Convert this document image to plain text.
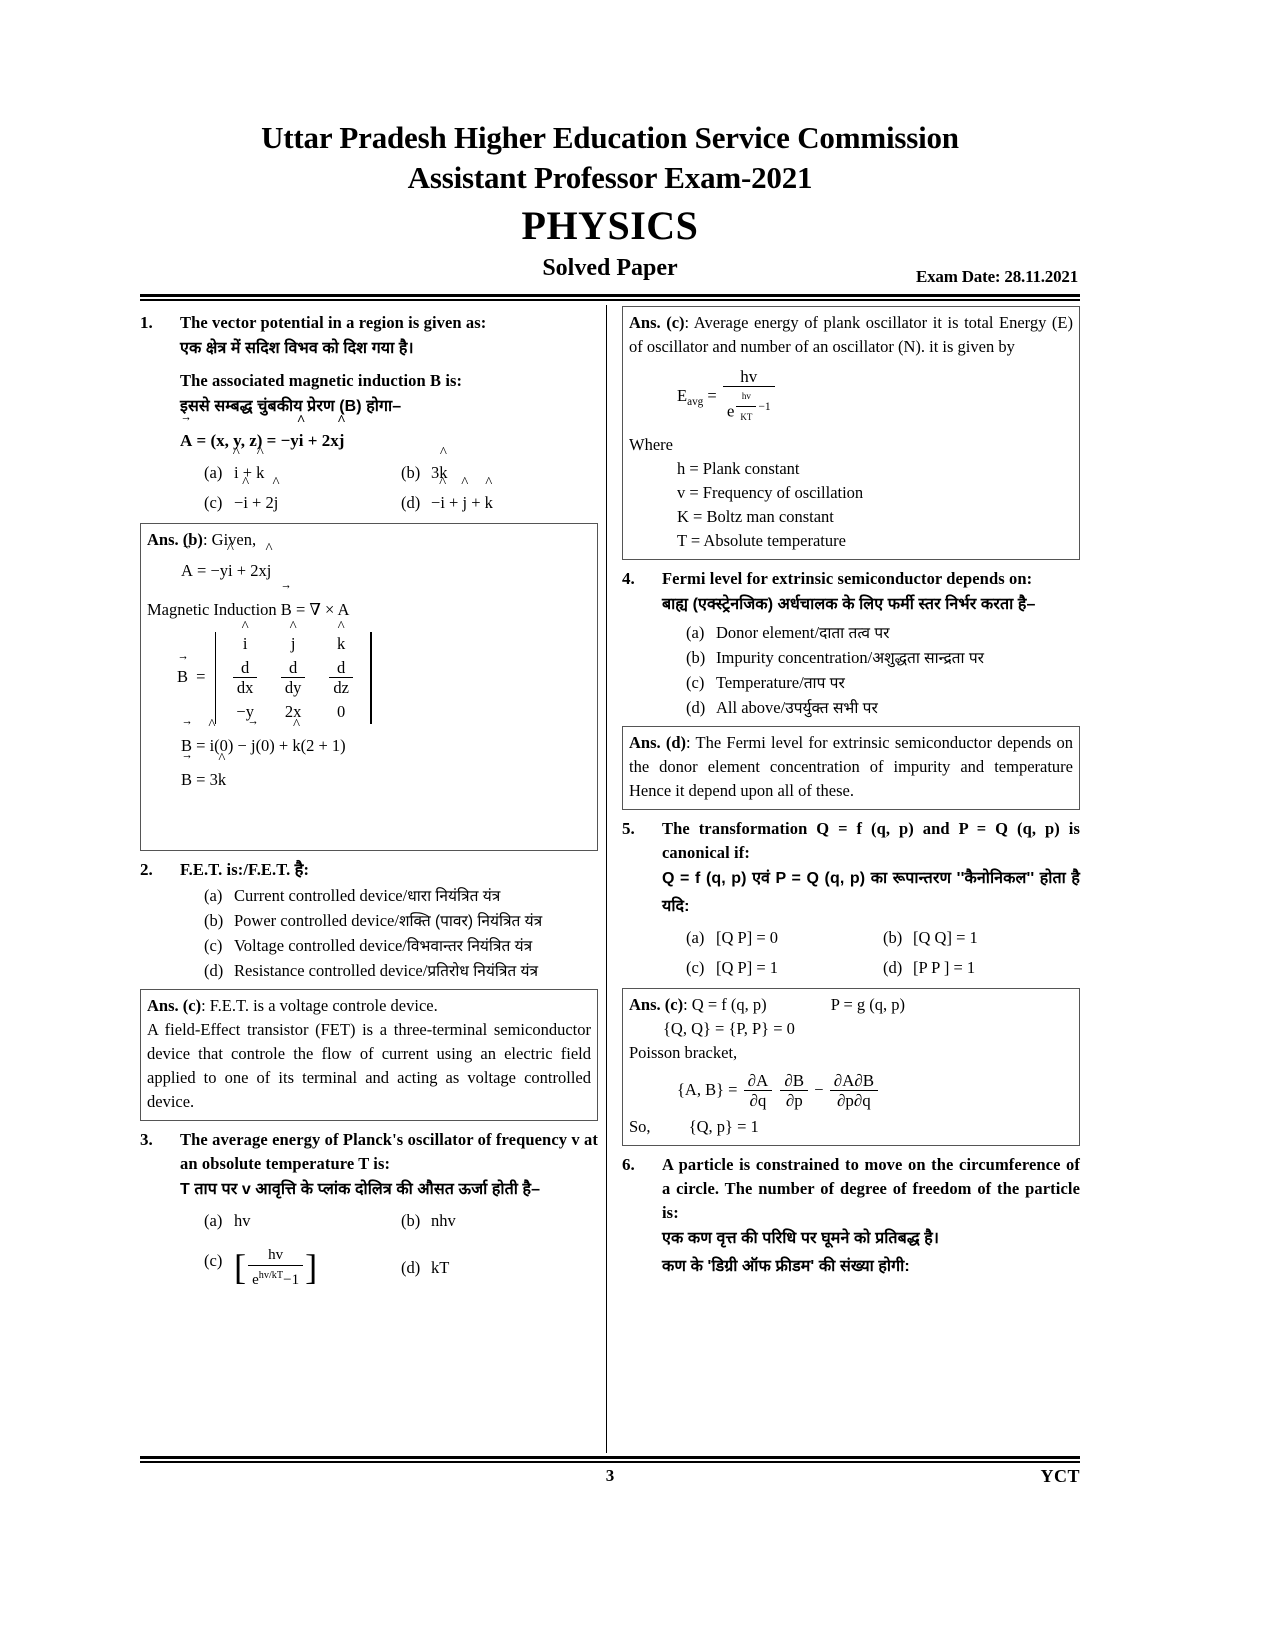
Uttar Pradesh Higher Education Service Commission
Assistant Professor Exam-2021
PHYSICS
Solved Paper	Exam Date: 28.11.2021
1.	The vector potential in a region is given as:
एक क्षेत्र में सदिश विभव को दिश गया है।
The associated magnetic induction B is:
इससे सम्बद्ध चुंबकीय प्रेरण (B) होगा–
→ A = (x, y, z) = −y^ i + 2x^ j
(a) ^ i + ^ k	(b) 3^ k
(c) −^ i + 2^ j	(d) −^ i + ^ j + ^ k

Ans. (b): Given,

→ A = −y^ i + 2x^ j

Magnetic Induction → B = ∇ × A

→ B =
^ i	^ j	^ k
$\frac{d}{dx} \frac{d}{dy} \frac{d}{dz}$
−y	2x	0

→ B = ^ i(0) − → j(0) + ^ k(2 + 1)

→ B = 3^ k

2.	F.E.T. is:/F.E.T. है:
(a) Current controlled device/धारा नियंत्रित यंत्र
(b) Power controlled device/शक्ति (पावर) नियंत्रित यंत्र
(c) Voltage controlled device/विभवान्तर नियंत्रित यंत्र
(d) Resistance controlled device/प्रतिरोध नियंत्रित यंत्र

Ans. (c): F.E.T. is a voltage controle device.

A field-Effect transistor (FET) is a three-terminal semiconductor device that controle the flow of current using an electric field applied to one of its terminal and acting as voltage controlled device.

3.	The average energy of Planck's oscillator of frequency v at an obsolute temperature T is:
T ताप पर v आवृत्ति के प्लांक दोलित्र की औसत ऊर्जा होती है–
(a) hv	(b) nhv
(c) [ $\frac{hv}{e^{hv/kT}-1}$ ]	(d) kT

Ans. (c): Average energy of plank oscillator it is total Energy (E) of oscillator and number of an oscillator (N). it is given by

$E_{avg}$ = hv
e $^{\frac{hv}{KT} -1}$

Where

h = Plank constant

v = Frequency of oscillation

K = Boltz man constant

T = Absolute temperature

4.	Fermi level for extrinsic semiconductor depends on:
बाह्य (एक्स्ट्रेनजिक) अर्धचालक के लिए फर्मी स्तर निर्भर करता है–
(a) Donor element/दाता तत्व पर
(b) Impurity concentration/अशुद्धता सान्द्रता पर
(c) Temperature/ताप पर
(d) All above/उपर्युक्त सभी पर

Ans. (d): The Fermi level for extrinsic semiconductor depends on the donor element concentration of impurity and temperature Hence it depend upon all of these.

5.	The transformation Q = f (q, p) and P = Q (q, p) is canonical if:
Q = f (q, p) एवं P = Q (q, p) का रूपान्तरण ''कैनोनिकल'' होता है यदि:
(a) [Q P] = 0	(b) [Q Q] = 1
(c) [Q P] = 1	(d) [P P ] = 1

Ans. (c): Q = f (q, p)	P = g (q, p)

{Q, Q} = {P, P} = 0

Poisson bracket,

{A, $B\} = \frac{\partial A}{\partial q}$
$\frac{\partial B}{\partial p} - \frac{\partial A\partial B}{\partial p\partial q}$

So, {Q, p} = 1

6.	A particle is constrained to move on the circumference of a circle. The number of degree of freedom of the particle is:
एक कण वृत्त की परिधि पर घूमने को प्रतिबद्ध है।
कण के 'डिग्री ऑफ फ्रीडम' की संख्या होगी:
3	YCT
